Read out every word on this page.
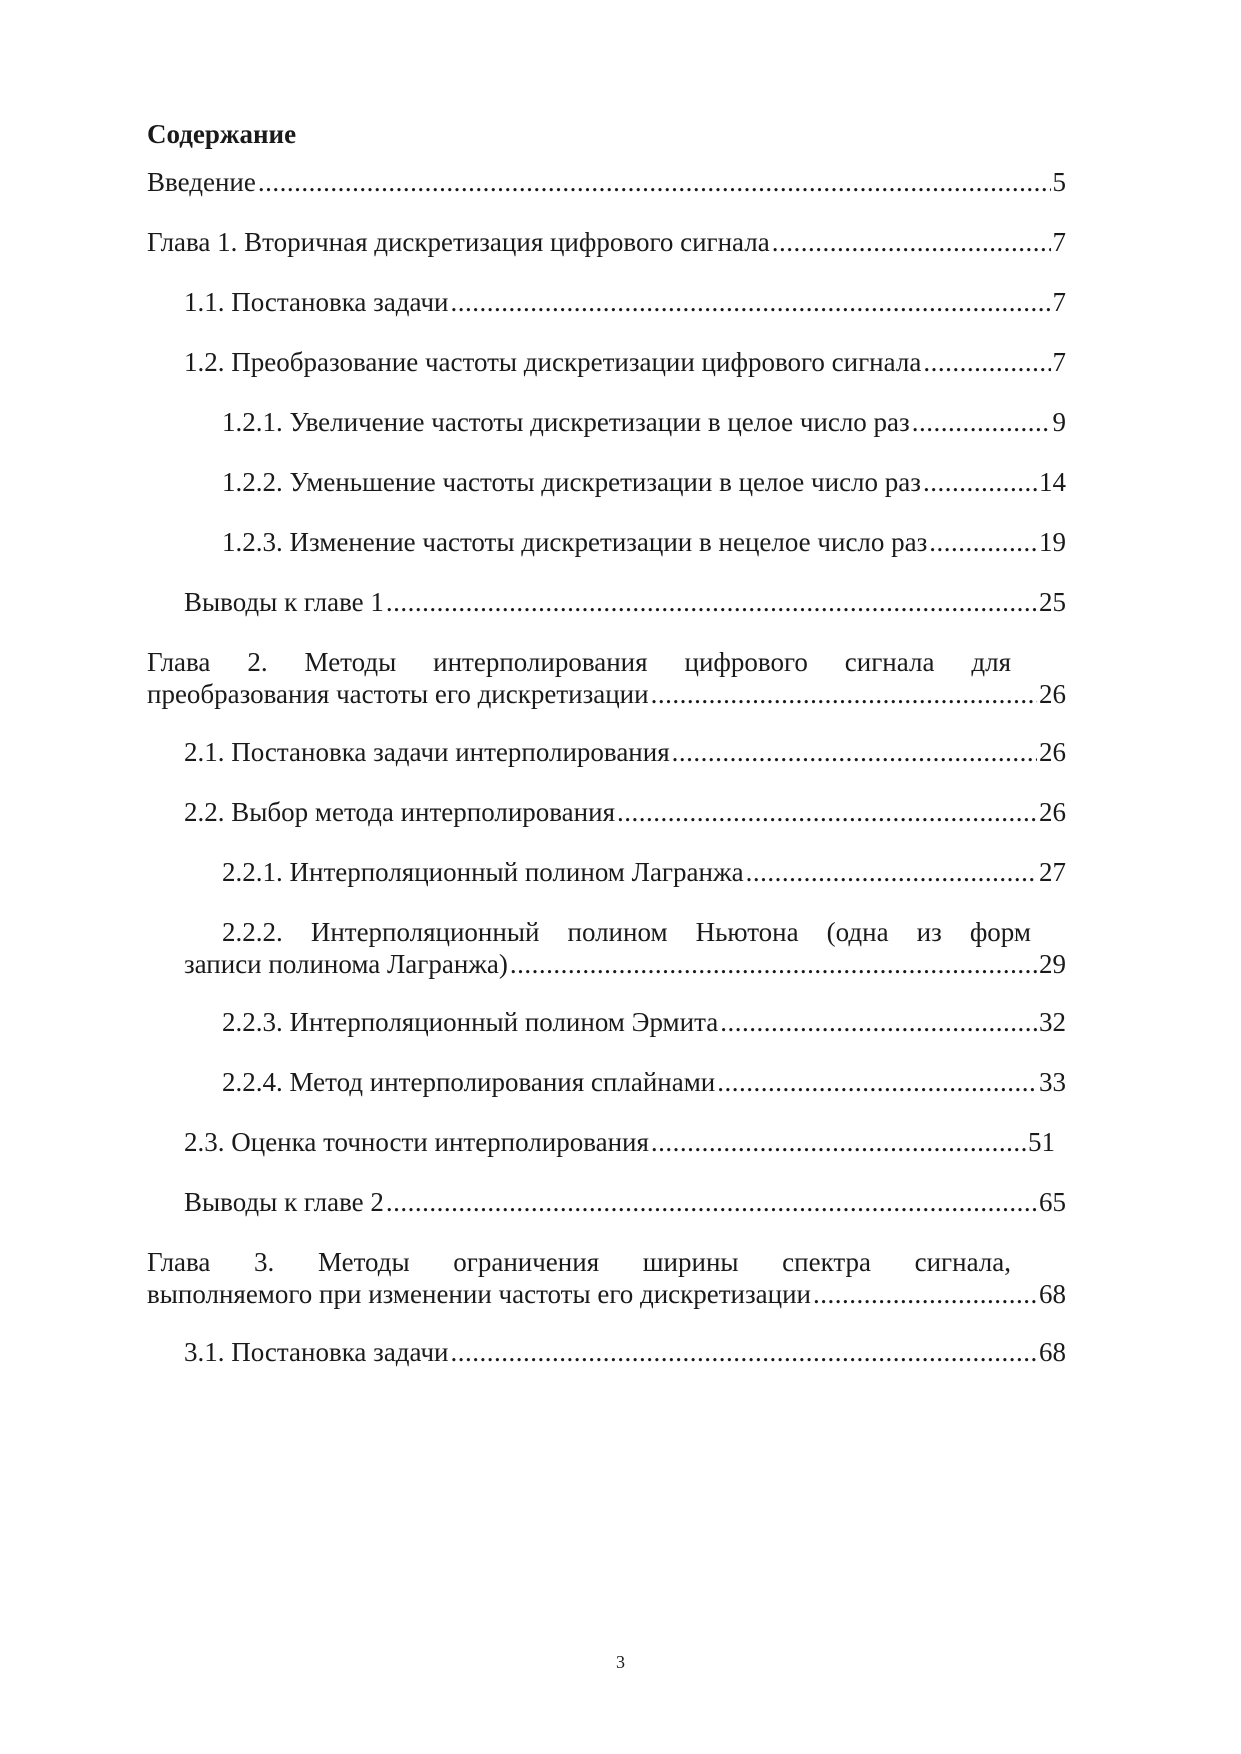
Содержание
Введение .....	5
Глава 1. Вторичная дискретизация цифрового сигнала .....	7
1.1. Постановка задачи .....	7
1.2. Преобразование частоты дискретизации цифрового сигнала .....	7
1.2.1. Увеличение частоты дискретизации в целое число раз .....	9
1.2.2. Уменьшение частоты дискретизации в целое число раз .....	14
1.2.3. Изменение частоты дискретизации в нецелое число раз .....	19
Выводы к главе 1 .....	25
Глава 2. Методы интерполирования цифрового сигнала для
преобразования частоты его дискретизации .....	26
2.1. Постановка задачи интерполирования .....	26
2.2. Выбор метода интерполирования .....	26
2.2.1. Интерполяционный полином Лагранжа .....	27
2.2.2. Интерполяционный полином Ньютона (одна из форм
записи полинома Лагранжа) .....	29
2.2.3. Интерполяционный полином Эрмита .....	32
2.2.4. Метод интерполирования сплайнами .....	33
2.3. Оценка точности интерполирования .....	51
Выводы к главе 2 .....	65
Глава 3. Методы ограничения ширины спектра сигнала,
выполняемого при изменении частоты его дискретизации .....	68
3.1. Постановка задачи .....	68
3
